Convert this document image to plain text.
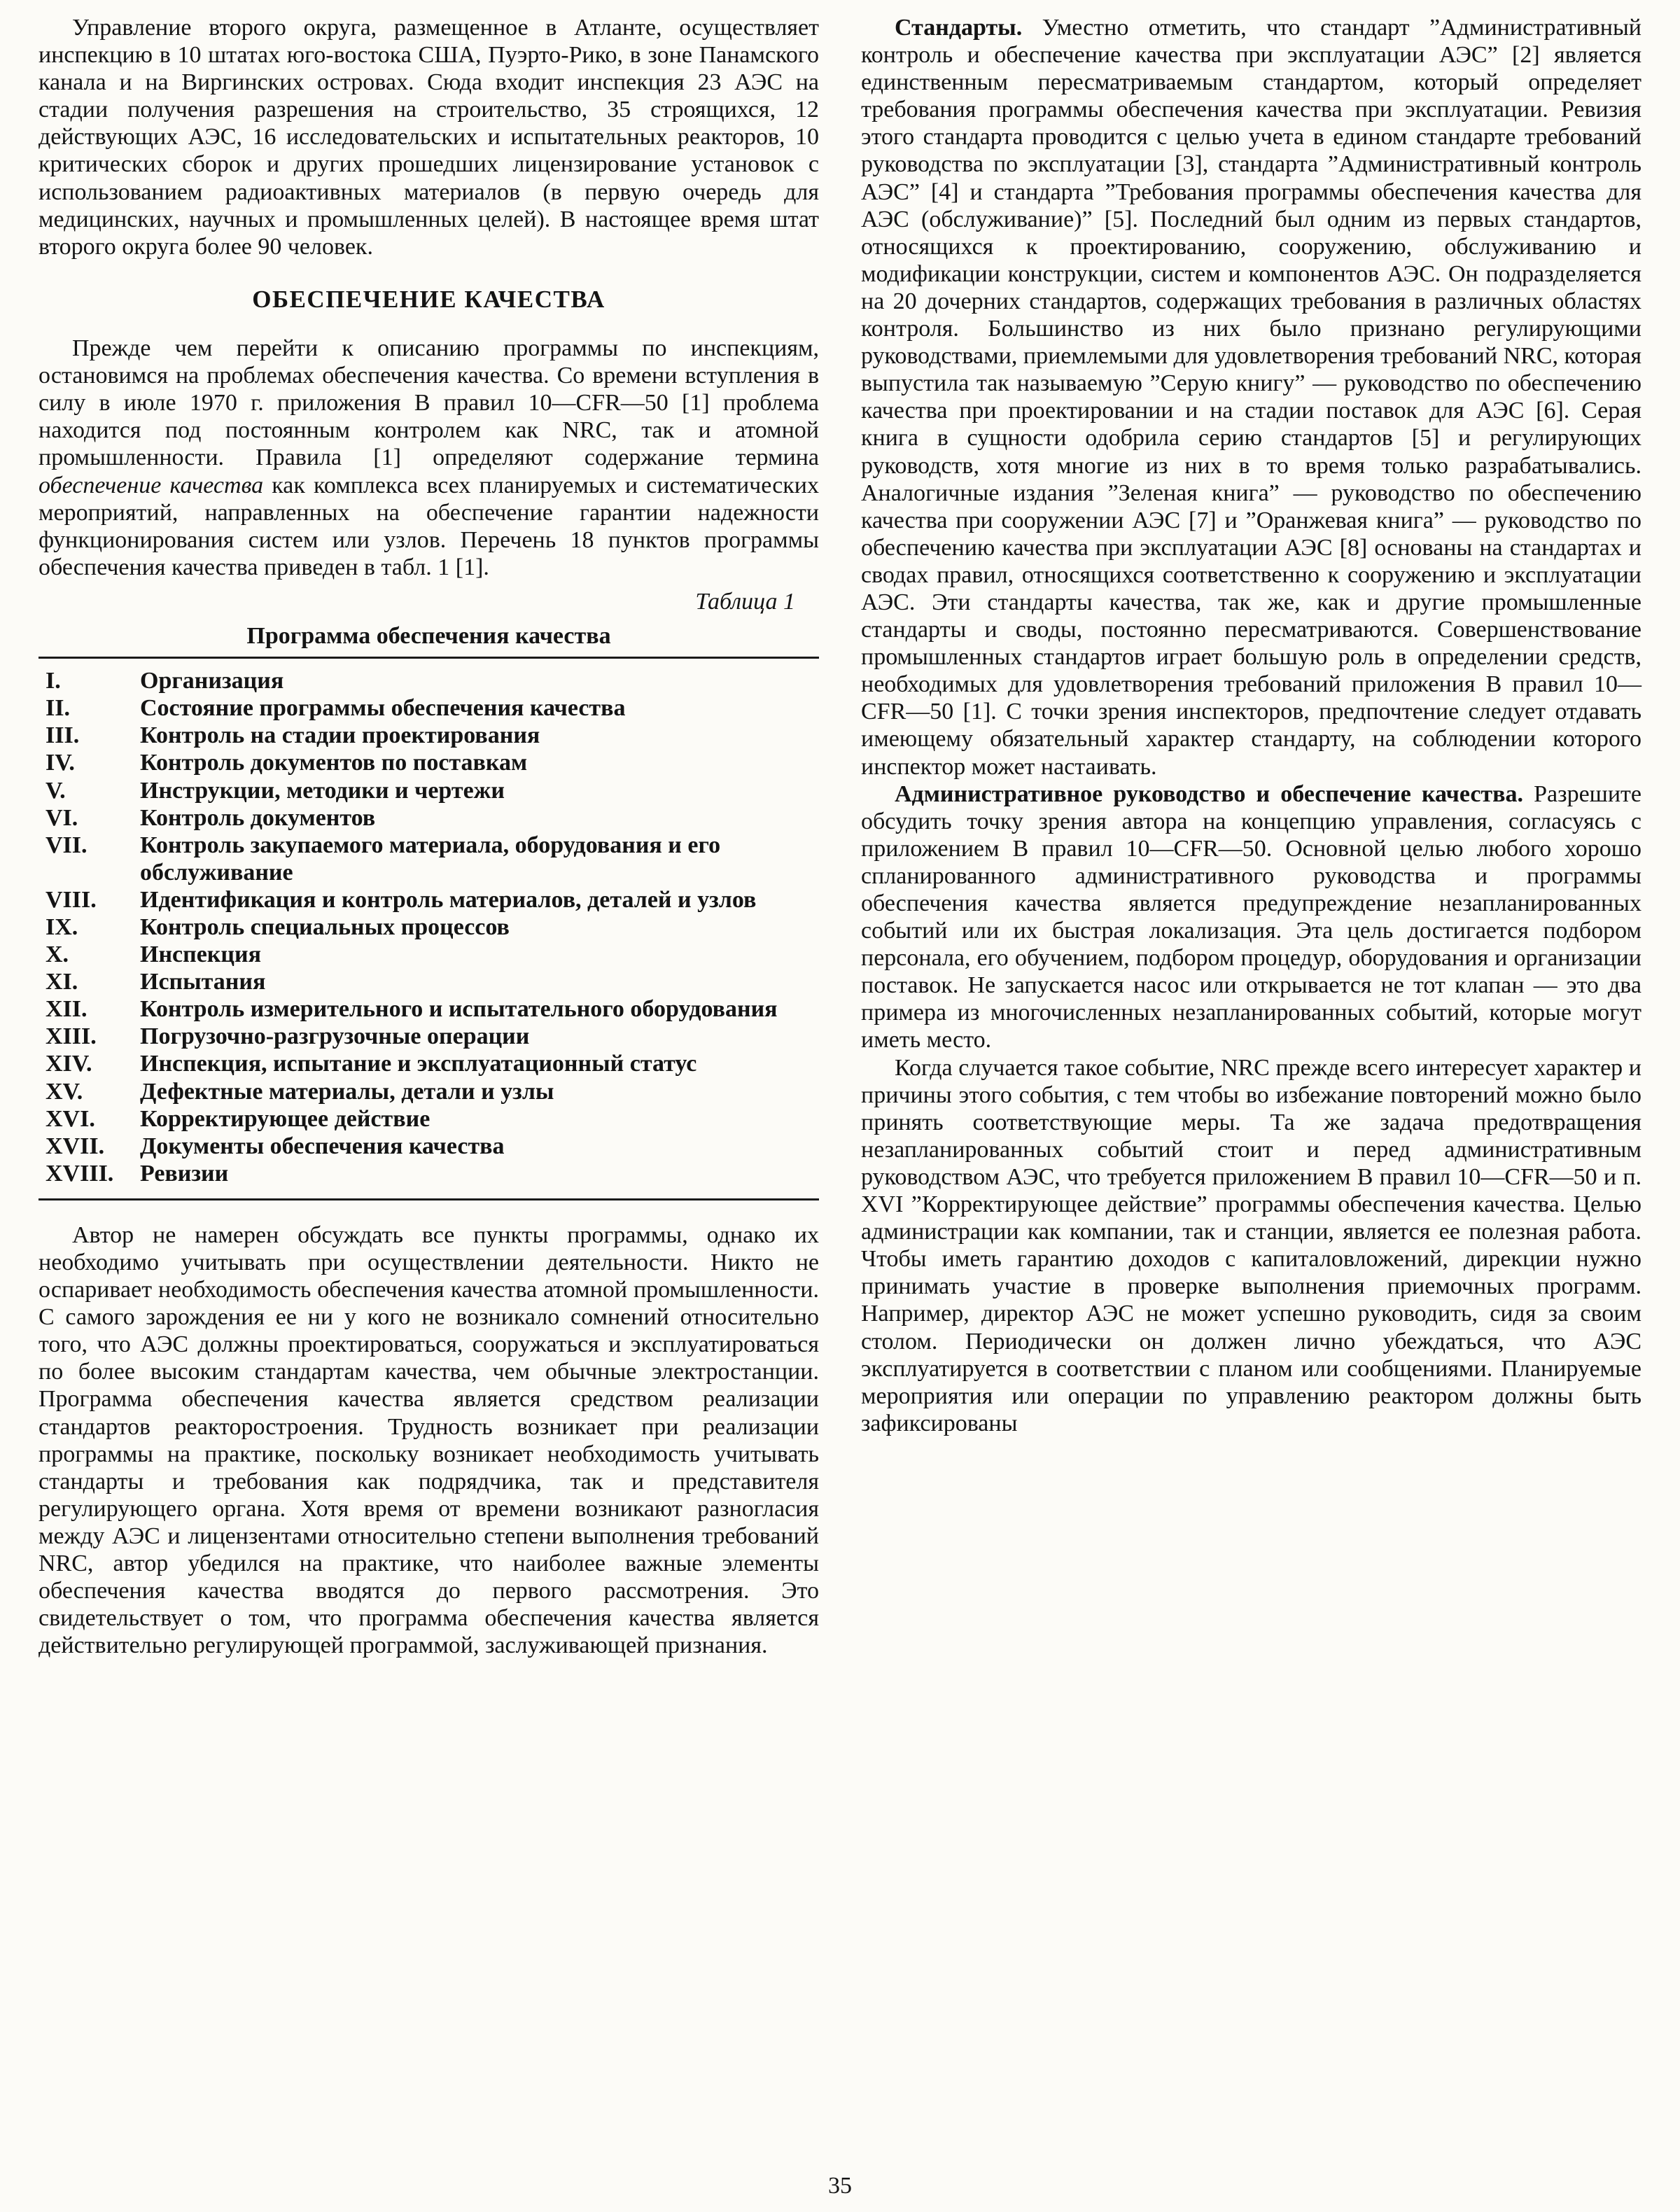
Управление второго округа, размещенное в Атланте, осуществляет инспекцию в 10 штатах юго-востока США, Пуэрто-Рико, в зоне Панамского канала и на Виргинских островах. Сюда входит инспекция 23 АЭС на стадии получения разрешения на строительство, 35 строящихся, 12 действующих АЭС, 16 исследовательских и испытательных реакторов, 10 критических сборок и других прошедших лицензирование установок с использованием радиоактивных материалов (в первую очередь для медицинских, научных и промышленных целей). В настоящее время штат второго округа более 90 человек.

ОБЕСПЕЧЕНИЕ КАЧЕСТВА

Прежде чем перейти к описанию программы по инспекциям, остановимся на проблемах обеспечения качества. Со времени вступления в силу в июле 1970 г. приложения В правил 10—CFR—50 [1] проблема находится под постоянным контролем как NRC, так и атомной промышленности. Правила [1] определяют содержание термина обеспечение качества как комплекса всех планируемых и систематических мероприятий, направленных на обеспечение гарантии надежности функционирования систем или узлов. Перечень 18 пунктов программы обеспечения качества приведен в табл. 1 [1].

Таблица 1
Программа обеспечения качества
I.	Организация
II.	Состояние программы обеспечения качества
III.	Контроль на стадии проектирования
IV.	Контроль документов по поставкам
V.	Инструкции, методики и чертежи
VI.	Контроль документов
VII.	Контроль закупаемого материала, оборудования и его обслуживание
VIII.	Идентификация и контроль материалов, деталей и узлов
IX.	Контроль специальных процессов
X.	Инспекция
XI.	Испытания
XII.	Контроль измерительного и испытательного оборудования
XIII.	Погрузочно-разгрузочные операции
XIV.	Инспекция, испытание и эксплуатационный статус
XV.	Дефектные материалы, детали и узлы
XVI.	Корректирующее действие
XVII.	Документы обеспечения качества
XVIII.	Ревизии

Автор не намерен обсуждать все пункты программы, однако их необходимо учитывать при осуществлении деятельности. Никто не оспаривает необходимость обеспечения качества атомной промышленности. С самого зарождения ее ни у кого не возникало сомнений относительно того, что АЭС должны проектироваться, сооружаться и эксплуатироваться по более высоким стандартам качества, чем обычные электростанции. Программа обеспечения качества является средством реализации стандартов реакторостроения. Трудность возникает при реализации программы на практике, поскольку возникает необходимость учитывать стандарты и требования как подрядчика, так и представителя регулирующего органа. Хотя время от времени возникают разногласия между АЭС и лицензентами относительно степени выполнения требований NRC, автор убедился на практике, что наиболее важные элементы обеспечения качества вводятся до первого рассмотрения. Это свидетельствует о том, что программа обеспечения качества является действительно регулирующей программой, заслуживающей признания.

Стандарты. Уместно отметить, что стандарт ”Административный контроль и обеспечение качества при эксплуатации АЭС” [2] является единственным пересматриваемым стандартом, который определяет требования программы обеспечения качества при эксплуатации. Ревизия этого стандарта проводится с целью учета в едином стандарте требований руководства по эксплуатации [3], стандарта ”Административный контроль АЭС” [4] и стандарта ”Требования программы обеспечения качества для АЭС (обслуживание)” [5]. Последний был одним из первых стандартов, относящихся к проектированию, сооружению, обслуживанию и модификации конструкции, систем и компонентов АЭС. Он подразделяется на 20 дочерних стандартов, содержащих требования в различных областях контроля. Большинство из них было признано регулирующими руководствами, приемлемыми для удовлетворения требований NRC, которая выпустила так называемую ”Серую книгу” — руководство по обеспечению качества при проектировании и на стадии поставок для АЭС [6]. Серая книга в сущности одобрила серию стандартов [5] и регулирующих руководств, хотя многие из них в то время только разрабатывались. Аналогичные издания ”Зеленая книга” — руководство по обеспечению качества при сооружении АЭС [7] и ”Оранжевая книга” — руководство по обеспечению качества при эксплуатации АЭС [8] основаны на стандартах и сводах правил, относящихся соответственно к сооружению и эксплуатации АЭС. Эти стандарты качества, так же, как и другие промышленные стандарты и своды, постоянно пересматриваются. Совершенствование промышленных стандартов играет большую роль в определении средств, необходимых для удовлетворения требований приложения В правил 10—CFR—50 [1]. С точки зрения инспекторов, предпочтение следует отдавать имеющему обязательный характер стандарту, на соблюдении которого инспектор может настаивать.

Административное руководство и обеспечение качества. Разрешите обсудить точку зрения автора на концепцию управления, согласуясь с приложением В правил 10—CFR—50. Основной целью любого хорошо спланированного административного руководства и программы обеспечения качества является предупреждение незапланированных событий или их быстрая локализация. Эта цель достигается подбором персонала, его обучением, подбором процедур, оборудования и организации поставок. Не запускается насос или открывается не тот клапан — это два примера из многочисленных незапланированных событий, которые могут иметь место.

Когда случается такое событие, NRC прежде всего интересует характер и причины этого события, с тем чтобы во избежание повторений можно было принять соответствующие меры. Та же задача предотвращения незапланированных событий стоит и перед административным руководством АЭС, что требуется приложением В правил 10—CFR—50 и п. XVI ”Корректирующее действие” программы обеспечения качества. Целью администрации как компании, так и станции, является ее полезная работа. Чтобы иметь гарантию доходов с капиталовложений, дирекции нужно принимать участие в проверке выполнения приемочных программ. Например, директор АЭС не может успешно руководить, сидя за своим столом. Периодически он должен лично убеждаться, что АЭС эксплуатируется в соответствии с планом или сообщениями. Планируемые мероприятия или операции по управлению реактором должны быть зафиксированы

35
